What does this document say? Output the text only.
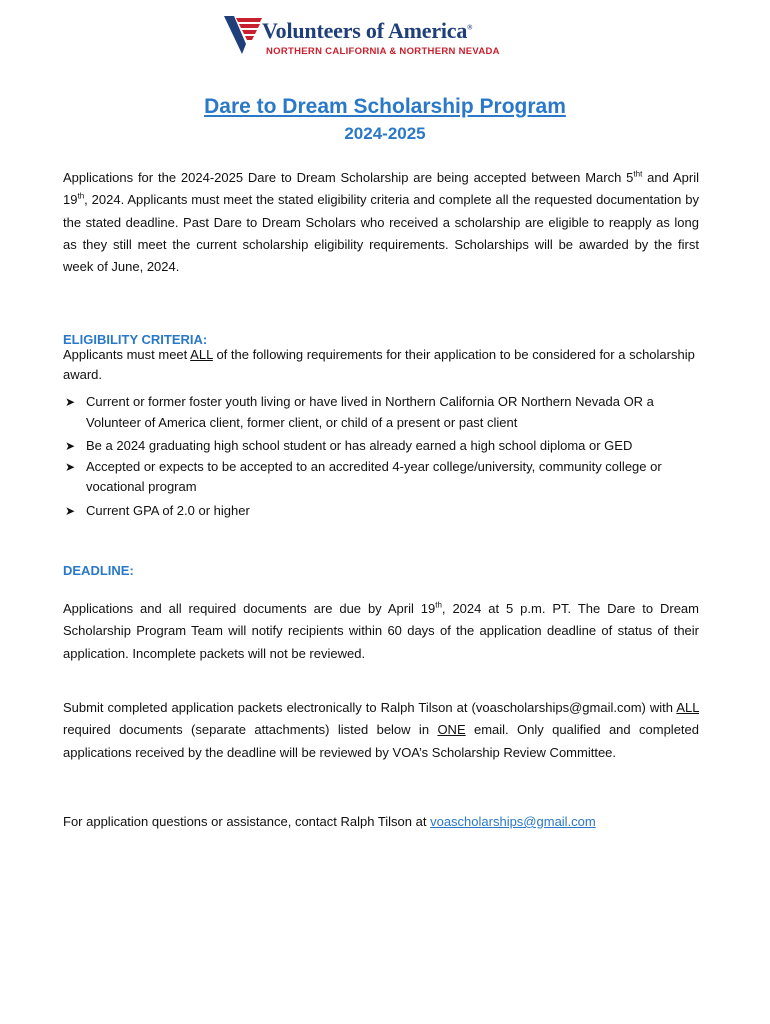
Volunteers of America®
NORTHERN CALIFORNIA & NORTHERN NEVADA
Dare to Dream Scholarship Program
2024-2025
Applications for the 2024-2025 Dare to Dream Scholarship are being accepted between March $5^{tht}$ and April 19th, 2024. Applicants must meet the stated eligibility criteria and complete all the requested documentation by the stated deadline. Past Dare to Dream Scholars who received a scholarship are eligible to reapply as long as they still meet the current scholarship eligibility requirements. Scholarships will be awarded by the first week of June, 2024.
ELIGIBILITY CRITERIA:
Applicants must meet ALL of the following requirements for their application to be considered for a scholarship award.
➤ Current or former foster youth living or have lived in Northern California OR Northern Nevada OR a Volunteer of America client, former client, or child of a present or past client
➤ Be a 2024 graduating high school student or has already earned a high school diploma or GED
➤ Accepted or expects to be accepted to an accredited 4-year college/university, community college or vocational program
➤ Current GPA of 2.0 or higher
DEADLINE:
Applications and all required documents are due by April 19th, 2024 at 5 p.m. PT. The Dare to Dream Scholarship Program Team will notify recipients within 60 days of the application deadline of status of their application. Incomplete packets will not be reviewed.
Submit completed application packets electronically to Ralph Tilson at (voascholarships@gmail.com) with ALL required documents (separate attachments) listed below in ONE email. Only qualified and completed applications received by the deadline will be reviewed by VOA’s Scholarship Review Committee.
For application questions or assistance, contact Ralph Tilson at voascholarships@gmail.com
